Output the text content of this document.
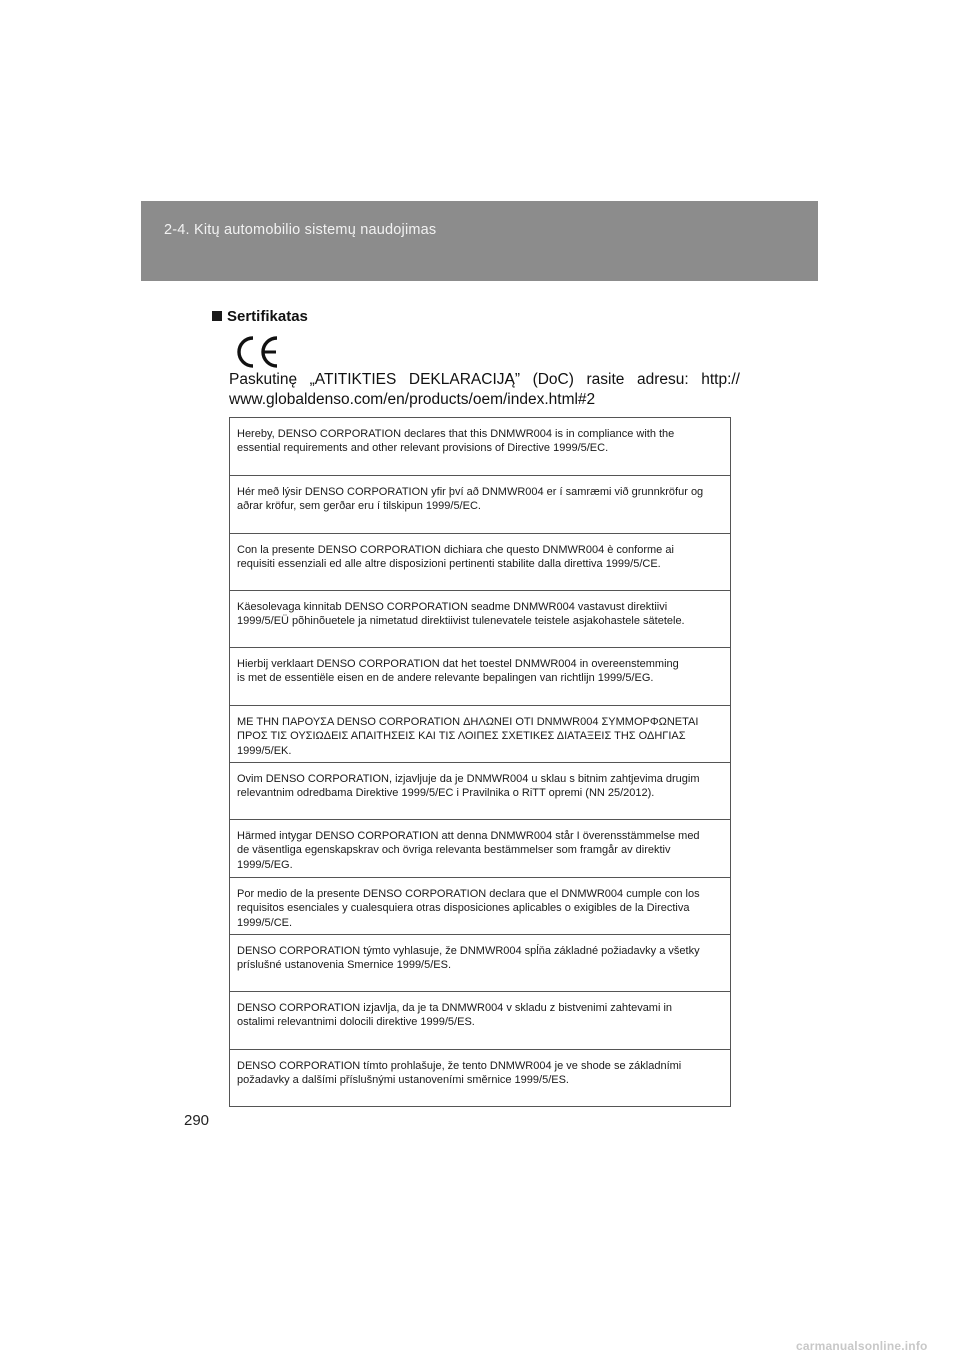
2-4. Kitų automobilio sistemų naudojimas
Sertifikatas
Paskutinę „ATITIKTIES DEKLARACIJĄ” (DoC) rasite adresu: http:// www.globaldenso.com/en/products/oem/index.html#2
Hereby, DENSO CORPORATION declares that this DNMWR004 is in compliance with the
essential requirements and other relevant provisions of Directive 1999/5/EC.
Hér með lýsir DENSO CORPORATION yfir því að DNMWR004 er í samræmi við grunnkröfur og
aðrar kröfur, sem gerðar eru í tilskipun 1999/5/EC.
Con la presente DENSO CORPORATION dichiara che questo DNMWR004 è conforme ai
requisiti essenziali ed alle altre disposizioni pertinenti stabilite dalla direttiva 1999/5/CE.
Käesolevaga kinnitab DENSO CORPORATION seadme DNMWR004 vastavust direktiivi
1999/5/EÜ põhinõuetele ja nimetatud direktiivist tulenevatele teistele asjakohastele sätetele.
Hierbij verklaart DENSO CORPORATION dat het toestel DNMWR004 in overeenstemming
is met de essentiële eisen en de andere relevante bepalingen van richtlijn 1999/5/EG.
ΜΕ ΤΗΝ ΠΑΡΟΥΣΑ DENSO CORPORATION ΔΗΛΩΝΕΙ ΟΤΙ DNMWR004 ΣΥΜΜΟΡΦΩΝΕΤΑΙ
ΠΡΟΣ ΤΙΣ ΟΥΣΙΩΔΕΙΣ ΑΠΑΙΤΗΣΕΙΣ ΚΑΙ ΤΙΣ ΛΟΙΠΕΣ ΣΧΕΤΙΚΕΣ ΔΙΑΤΑΞΕΙΣ ΤΗΣ ΟΔΗΓΙΑΣ
1999/5/ΕΚ.
Ovim DENSO CORPORATION, izjavljuje da je DNMWR004 u sklau s bitnim zahtjevima drugim
relevantnim odredbama Direktive 1999/5/EC i Pravilnika o RiTT opremi (NN 25/2012).
Härmed intygar DENSO CORPORATION att denna DNMWR004 står I överensstämmelse med
de väsentliga egenskapskrav och övriga relevanta bestämmelser som framgår av direktiv
1999/5/EG.
Por medio de la presente DENSO CORPORATION declara que el DNMWR004 cumple con los
requisitos esenciales y cualesquiera otras disposiciones aplicables o exigibles de la Directiva
1999/5/CE.
DENSO CORPORATION týmto vyhlasuje, že DNMWR004 spĺňa základné požiadavky a všetky
príslušné ustanovenia Smernice 1999/5/ES.
DENSO CORPORATION izjavlja, da je ta DNMWR004 v skladu z bistvenimi zahtevami in
ostalimi relevantnimi dolocili direktive 1999/5/ES.
DENSO CORPORATION tímto prohlašuje, že tento DNMWR004 je ve shode se základními
požadavky a dalšími příslušnými ustanoveními směrnice 1999/5/ES.
290
carmanualsonline.info
